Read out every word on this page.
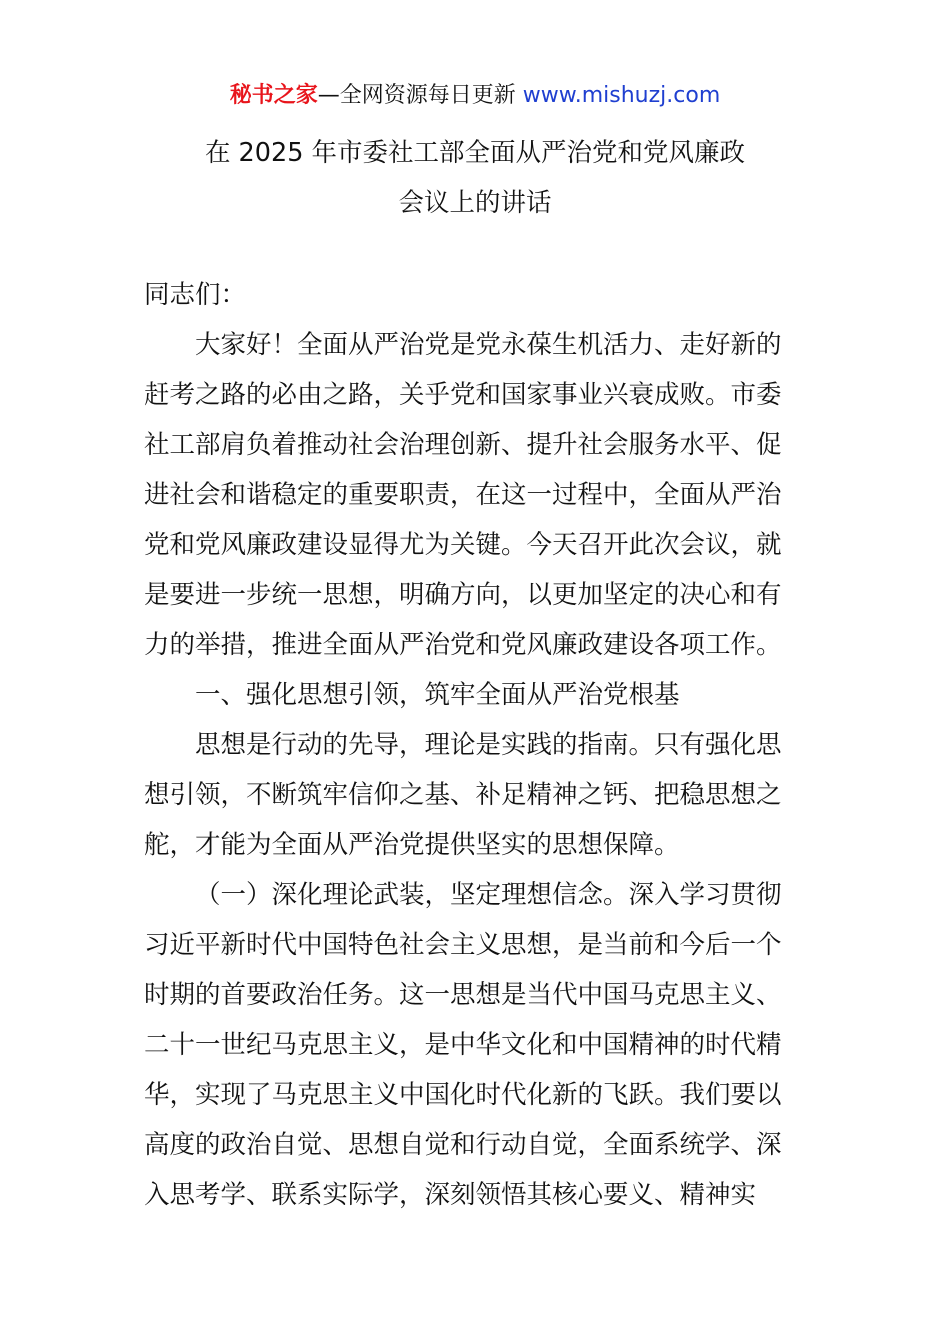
秘书之家—全网资源每日更新 www.mishuzj.com
在 2025 年市委社工部全面从严治党和党风廉政
会议上的讲话
同志们：
大家好！全面从严治党是党永葆生机活力、走好新的
赶考之路的必由之路，关乎党和国家事业兴衰成败。市委
社工部肩负着推动社会治理创新、提升社会服务水平、促
进社会和谐稳定的重要职责，在这一过程中，全面从严治
党和党风廉政建设显得尤为关键。今天召开此次会议，就
是要进一步统一思想，明确方向，以更加坚定的决心和有
力的举措，推进全面从严治党和党风廉政建设各项工作。
一、强化思想引领，筑牢全面从严治党根基
思想是行动的先导，理论是实践的指南。只有强化思
想引领，不断筑牢信仰之基、补足精神之钙、把稳思想之
舵，才能为全面从严治党提供坚实的思想保障。
（一）深化理论武装，坚定理想信念。深入学习贯彻
习近平新时代中国特色社会主义思想，是当前和今后一个
时期的首要政治任务。这一思想是当代中国马克思主义、
二十一世纪马克思主义，是中华文化和中国精神的时代精
华，实现了马克思主义中国化时代化新的飞跃。我们要以
高度的政治自觉、思想自觉和行动自觉，全面系统学、深
入思考学、联系实际学，深刻领悟其核心要义、精神实
